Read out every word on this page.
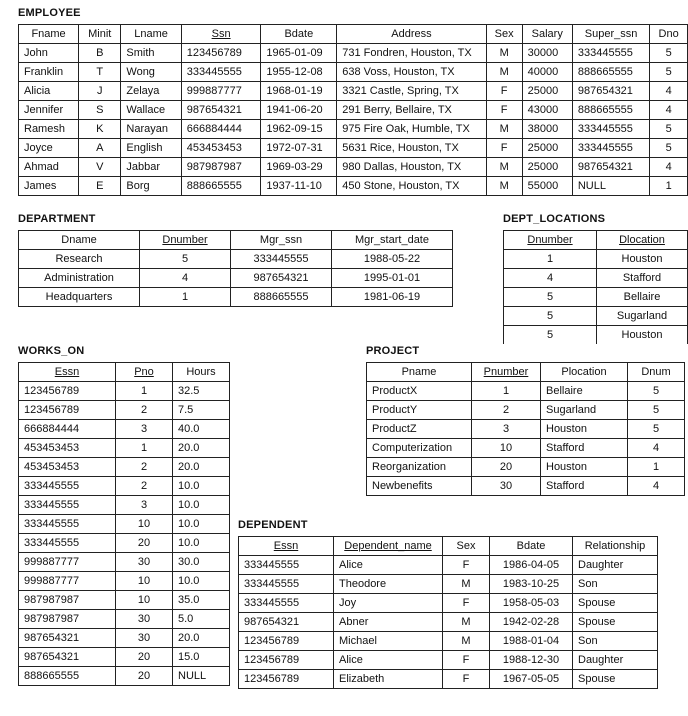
EMPLOYEE
Fname	Minit	Lname	Ssn	Bdate	Address	Sex	Salary	Super_ssn	Dno
John	B	Smith	123456789	1965-01-09	731 Fondren, Houston, TX	M	30000	333445555	5
Franklin	T	Wong	333445555	1955-12-08	638 Voss, Houston, TX	M	40000	888665555	5
Alicia	J	Zelaya	999887777	1968-01-19	3321 Castle, Spring, TX	F	25000	987654321	4
Jennifer	S	Wallace	987654321	1941-06-20	291 Berry, Bellaire, TX	F	43000	888665555	4
Ramesh	K	Narayan	666884444	1962-09-15	975 Fire Oak, Humble, TX	M	38000	333445555	5
Joyce	A	English	453453453	1972-07-31	5631 Rice, Houston, TX	F	25000	333445555	5
Ahmad	V	Jabbar	987987987	1969-03-29	980 Dallas, Houston, TX	M	25000	987654321	4
James	E	Borg	888665555	1937-11-10	450 Stone, Houston, TX	M	55000	NULL	1
DEPARTMENT
Dname	Dnumber	Mgr_ssn	Mgr_start_date
Research	5	333445555	1988-05-22
Administration	4	987654321	1995-01-01
Headquarters	1	888665555	1981-06-19
DEPT_LOCATIONS
Dnumber	Dlocation
1	Houston
4	Stafford
5	Bellaire
5	Sugarland
5	Houston
WORKS_ON
Essn	Pno	Hours
123456789	1	32.5
123456789	2	7.5
666884444	3	40.0
453453453	1	20.0
453453453	2	20.0
333445555	2	10.0
333445555	3	10.0
333445555	10	10.0
333445555	20	10.0
999887777	30	30.0
999887777	10	10.0
987987987	10	35.0
987987987	30	5.0
987654321	30	20.0
987654321	20	15.0
888665555	20	NULL
PROJECT
Pname	Pnumber	Plocation	Dnum
ProductX	1	Bellaire	5
ProductY	2	Sugarland	5
ProductZ	3	Houston	5
Computerization	10	Stafford	4
Reorganization	20	Houston	1
Newbenefits	30	Stafford	4
DEPENDENT
Essn	Dependent_name	Sex	Bdate	Relationship
333445555	Alice	F	1986-04-05	Daughter
333445555	Theodore	M	1983-10-25	Son
333445555	Joy	F	1958-05-03	Spouse
987654321	Abner	M	1942-02-28	Spouse
123456789	Michael	M	1988-01-04	Son
123456789	Alice	F	1988-12-30	Daughter
123456789	Elizabeth	F	1967-05-05	Spouse
